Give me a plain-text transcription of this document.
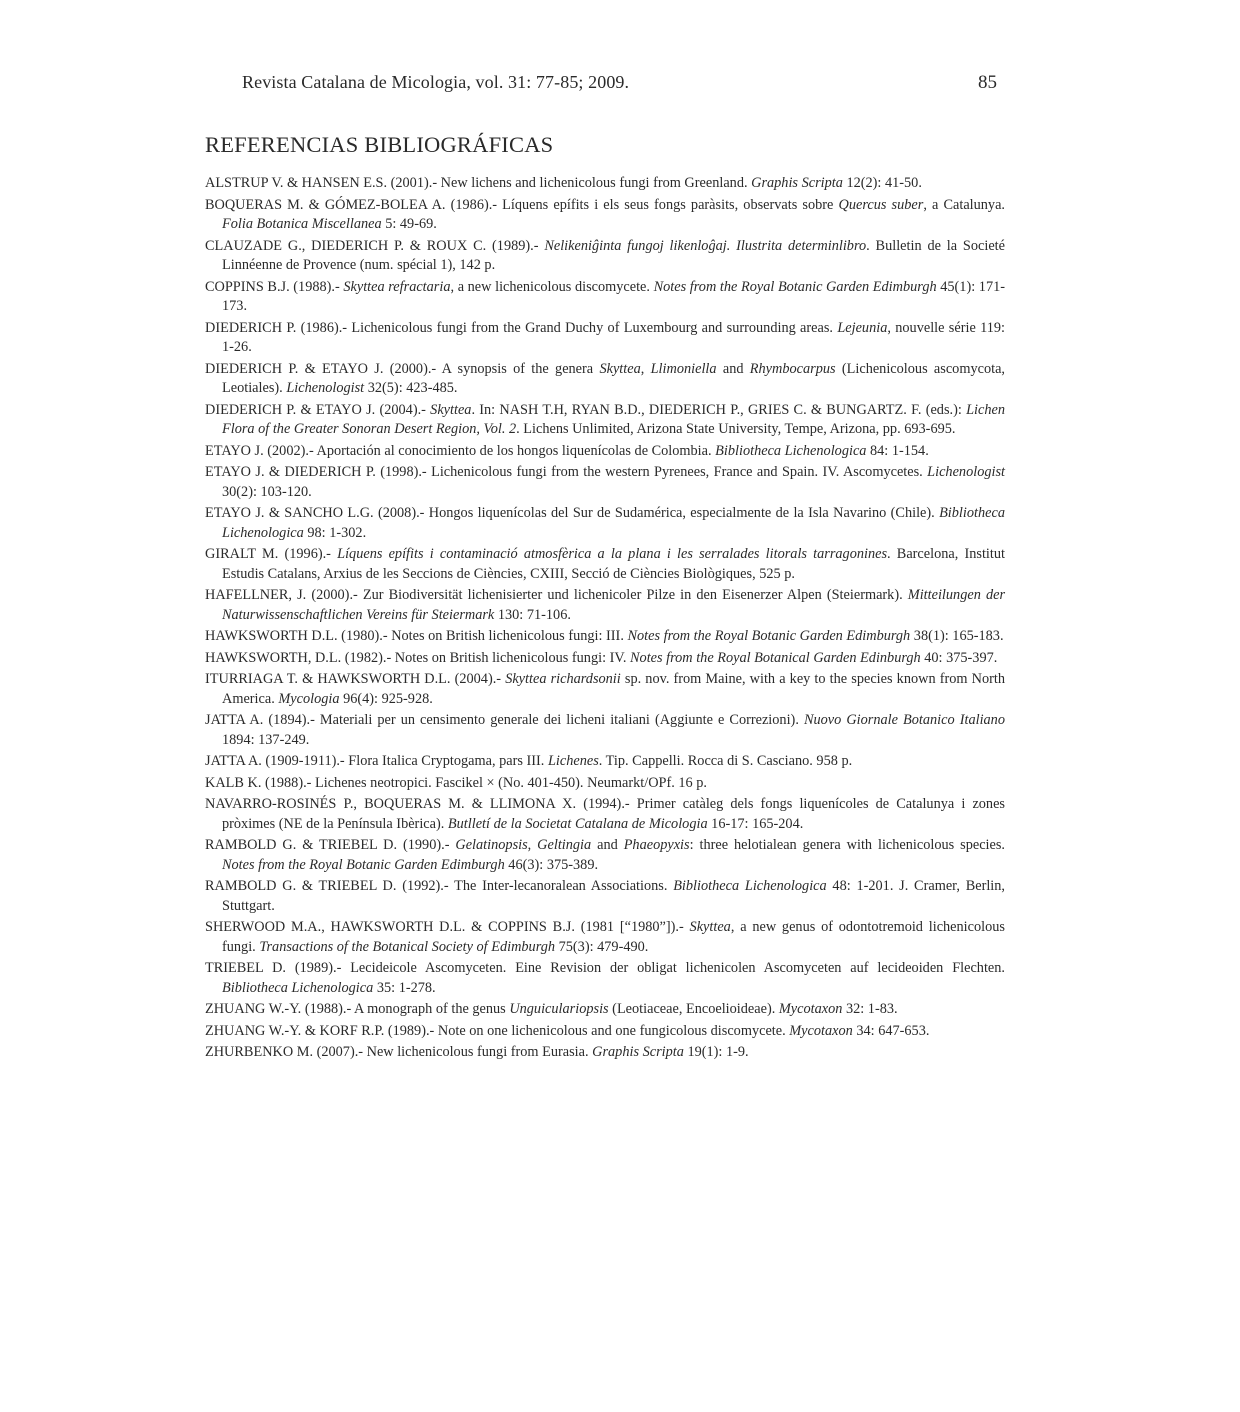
Revista Catalana de Micologia, vol. 31: 77-85; 2009.	85
REFERENCIAS BIBLIOGRÁFICAS
ALSTRUP V. & HANSEN E.S. (2001).- New lichens and lichenicolous fungi from Greenland. Graphis Scripta 12(2): 41-50.
BOQUERAS M. & GÓMEZ-BOLEA A. (1986).- Líquens epífits i els seus fongs paràsits, observats sobre Quercus suber, a Catalunya. Folia Botanica Miscellanea 5: 49-69.
CLAUZADE G., DIEDERICH P. & ROUX C. (1989).- Nelikeniĝinta fungoj likenloĝaj. Ilustrita determinlibro. Bulletin de la Societé Linnéenne de Provence (num. spécial 1), 142 p.
COPPINS B.J. (1988).- Skyttea refractaria, a new lichenicolous discomycete. Notes from the Royal Botanic Garden Edimburgh 45(1): 171-173.
DIEDERICH P. (1986).- Lichenicolous fungi from the Grand Duchy of Luxembourg and surrounding areas. Lejeunia, nouvelle série 119: 1-26.
DIEDERICH P. & ETAYO J. (2000).- A synopsis of the genera Skyttea, Llimoniella and Rhymbocarpus (Lichenicolous ascomycota, Leotiales). Lichenologist 32(5): 423-485.
DIEDERICH P. & ETAYO J. (2004).- Skyttea. In: NASH T.H, RYAN B.D., DIEDERICH P., GRIES C. & BUNGARTZ. F. (eds.): Lichen Flora of the Greater Sonoran Desert Region, Vol. 2. Lichens Unlimited, Arizona State University, Tempe, Arizona, pp. 693-695.
ETAYO J. (2002).- Aportación al conocimiento de los hongos liquenícolas de Colombia. Bibliotheca Lichenologica 84: 1-154.
ETAYO J. & DIEDERICH P. (1998).- Lichenicolous fungi from the western Pyrenees, France and Spain. IV. Ascomycetes. Lichenologist 30(2): 103-120.
ETAYO J. & SANCHO L.G. (2008).- Hongos liquenícolas del Sur de Sudamérica, especialmente de la Isla Navarino (Chile). Bibliotheca Lichenologica 98: 1-302.
GIRALT M. (1996).- Líquens epífits i contaminació atmosfèrica a la plana i les serralades litorals tarragonines. Barcelona, Institut Estudis Catalans, Arxius de les Seccions de Ciències, CXIII, Secció de Ciències Biològiques, 525 p.
HAFELLNER, J. (2000).- Zur Biodiversität lichenisierter und lichenicoler Pilze in den Eisenerzer Alpen (Steiermark). Mitteilungen der Naturwissenschaftlichen Vereins für Steiermark 130: 71-106.
HAWKSWORTH D.L. (1980).- Notes on British lichenicolous fungi: III. Notes from the Royal Botanic Garden Edimburgh 38(1): 165-183.
HAWKSWORTH, D.L. (1982).- Notes on British lichenicolous fungi: IV. Notes from the Royal Botanical Garden Edinburgh 40: 375-397.
ITURRIAGA T. & HAWKSWORTH D.L. (2004).- Skyttea richardsonii sp. nov. from Maine, with a key to the species known from North America. Mycologia 96(4): 925-928.
JATTA A. (1894).- Materiali per un censimento generale dei licheni italiani (Aggiunte e Correzioni). Nuovo Giornale Botanico Italiano 1894: 137-249.
JATTA A. (1909-1911).- Flora Italica Cryptogama, pars III. Lichenes. Tip. Cappelli. Rocca di S. Casciano. 958 p.
KALB K. (1988).- Lichenes neotropici. Fascikel × (No. 401-450). Neumarkt/OPf. 16 p.
NAVARRO-ROSINÉS P., BOQUERAS M. & LLIMONA X. (1994).- Primer catàleg dels fongs liquenícoles de Catalunya i zones pròximes (NE de la Península Ibèrica). Butlletí de la Societat Catalana de Micologia 16-17: 165-204.
RAMBOLD G. & TRIEBEL D. (1990).- Gelatinopsis, Geltingia and Phaeopyxis: three helotialean genera with lichenicolous species. Notes from the Royal Botanic Garden Edimburgh 46(3): 375-389.
RAMBOLD G. & TRIEBEL D. (1992).- The Inter-lecanoralean Associations. Bibliotheca Lichenologica 48: 1-201. J. Cramer, Berlin, Stuttgart.
SHERWOOD M.A., HAWKSWORTH D.L. & COPPINS B.J. (1981 [“1980”]).- Skyttea, a new genus of odontotremoid lichenicolous fungi. Transactions of the Botanical Society of Edimburgh 75(3): 479-490.
TRIEBEL D. (1989).- Lecideicole Ascomyceten. Eine Revision der obligat lichenicolen Ascomyceten auf lecideoiden Flechten. Bibliotheca Lichenologica 35: 1-278.
ZHUANG W.-Y. (1988).- A monograph of the genus Unguiculariopsis (Leotiaceae, Encoelioideae). Mycotaxon 32: 1-83.
ZHUANG W.-Y. & KORF R.P. (1989).- Note on one lichenicolous and one fungicolous discomycete. Mycotaxon 34: 647-653.
ZHURBENKO M. (2007).- New lichenicolous fungi from Eurasia. Graphis Scripta 19(1): 1-9.
